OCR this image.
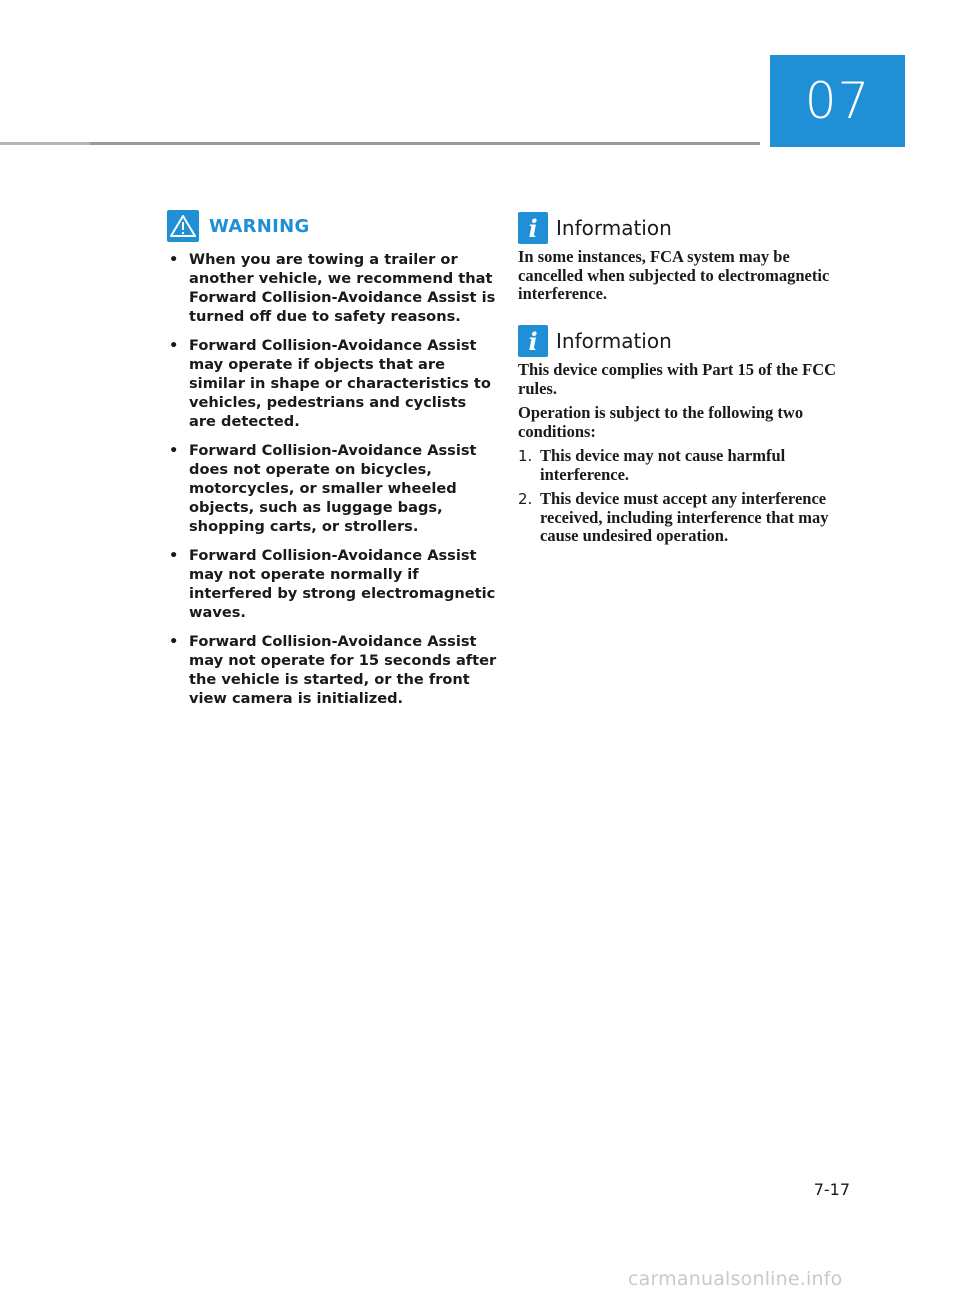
07
WARNING
• When you are towing a trailer or another vehicle, we recommend that Forward Collision-Avoidance Assist is turned off due to safety reasons.
• Forward Collision-Avoidance Assist may operate if objects that are similar in shape or characteristics to vehicles, pedestrians and cyclists are detected.
• Forward Collision-Avoidance Assist does not operate on bicycles, motorcycles, or smaller wheeled objects, such as luggage bags, shopping carts, or strollers.
• Forward Collision-Avoidance Assist may not operate normally if interfered by strong electromagnetic waves.
• Forward Collision-Avoidance Assist may not operate for 15 seconds after the vehicle is started, or the front view camera is initialized.
i Information

In some instances, FCA system may be cancelled when subjected to electromagnetic interference.

i Information

This device complies with Part 15 of the FCC rules.

Operation is subject to the following two conditions:

1. This device may not cause harmful interference.
2. This device must accept any interference received, including interference that may cause undesired operation.
7-17
carmanualsonline.info
